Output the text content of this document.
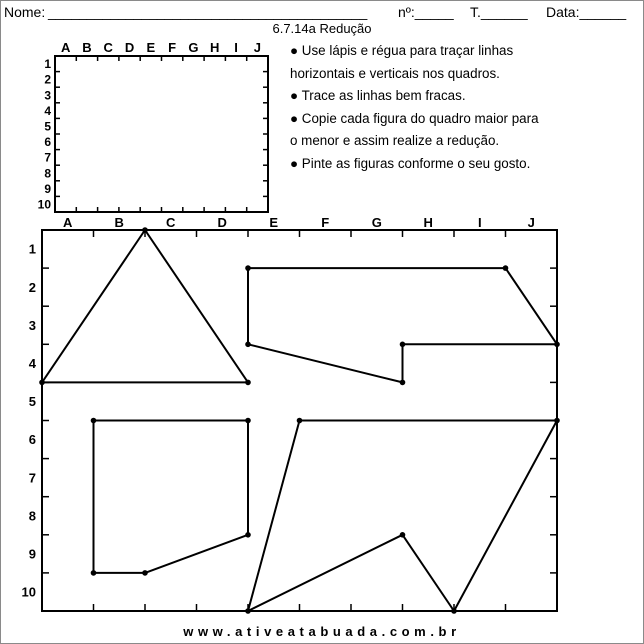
Nome: _________________________________________ nº:_____ T.______ Data:______
6.7.14a Redução
● Use lápis e régua para traçar linhas
horizontais e verticais nos quadros.
● Trace as linhas bem fracas.
● Copie cada figura do quadro maior para
o menor e assim realize a redução.
● Pinte as figuras conforme o seu gosto.
A B C D E F G H I J
1
2
3
4
5
6
7
8
9
10
A	B	C	D	E	F	G	H	I	J
1
2
3
4
5
6
7
8
9
10
www.ativeatabuada.com.br
